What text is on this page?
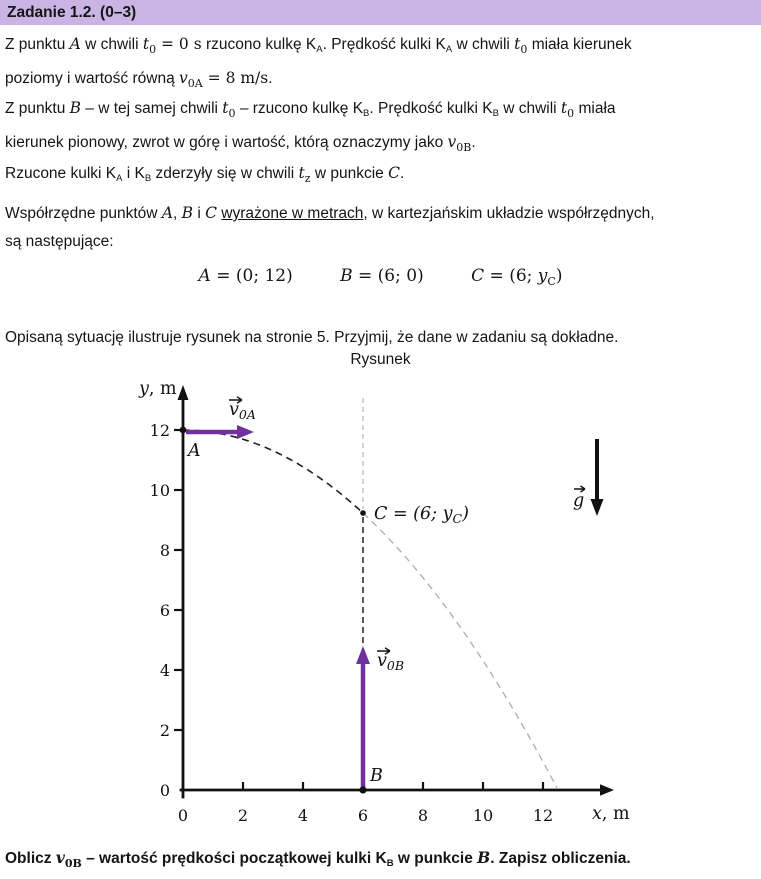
Zadanie 1.2. (0–3)
Z punktu A w chwili $t_0 = 0$ s rzucono kulkę KA. Prędkość kulki KA w chwili $t_0$ miała kierunek
poziomy i wartość równą $v_{0A} = 8$ m/s.
Z punktu B – w tej samej chwili $t_0$ – rzucono kulkę KB. Prędkość kulki KB w chwili $t_0$ miała
kierunek pionowy, zwrot w górę i wartość, którą oznaczymy jako $v_{0B}$.
Rzucone kulki KA i KB zderzyły się w chwili $t_z$ w punkcie C.
Współrzędne punktów A, B i C wyrażone w metrach, w kartezjańskim układzie współrzędnych,
są następujące:
A = (0; 12)	B = (6; 0)	C = (6; $y_C$)
Opisaną sytuację ilustruje rysunek na stronie 5. Przyjmij, że dane w zadaniu są dokładne.
Rysunek
12
10
8
6
4
2
0
0	2	4	6	8	10 12
y, m
x, m
$v_{0A}$
$v_{0B}$
g
A
B
C = (6; $y_C$)
Oblicz $v_{0B}$ – wartość prędkości początkowej kulki KB w punkcie B. Zapisz obliczenia.
